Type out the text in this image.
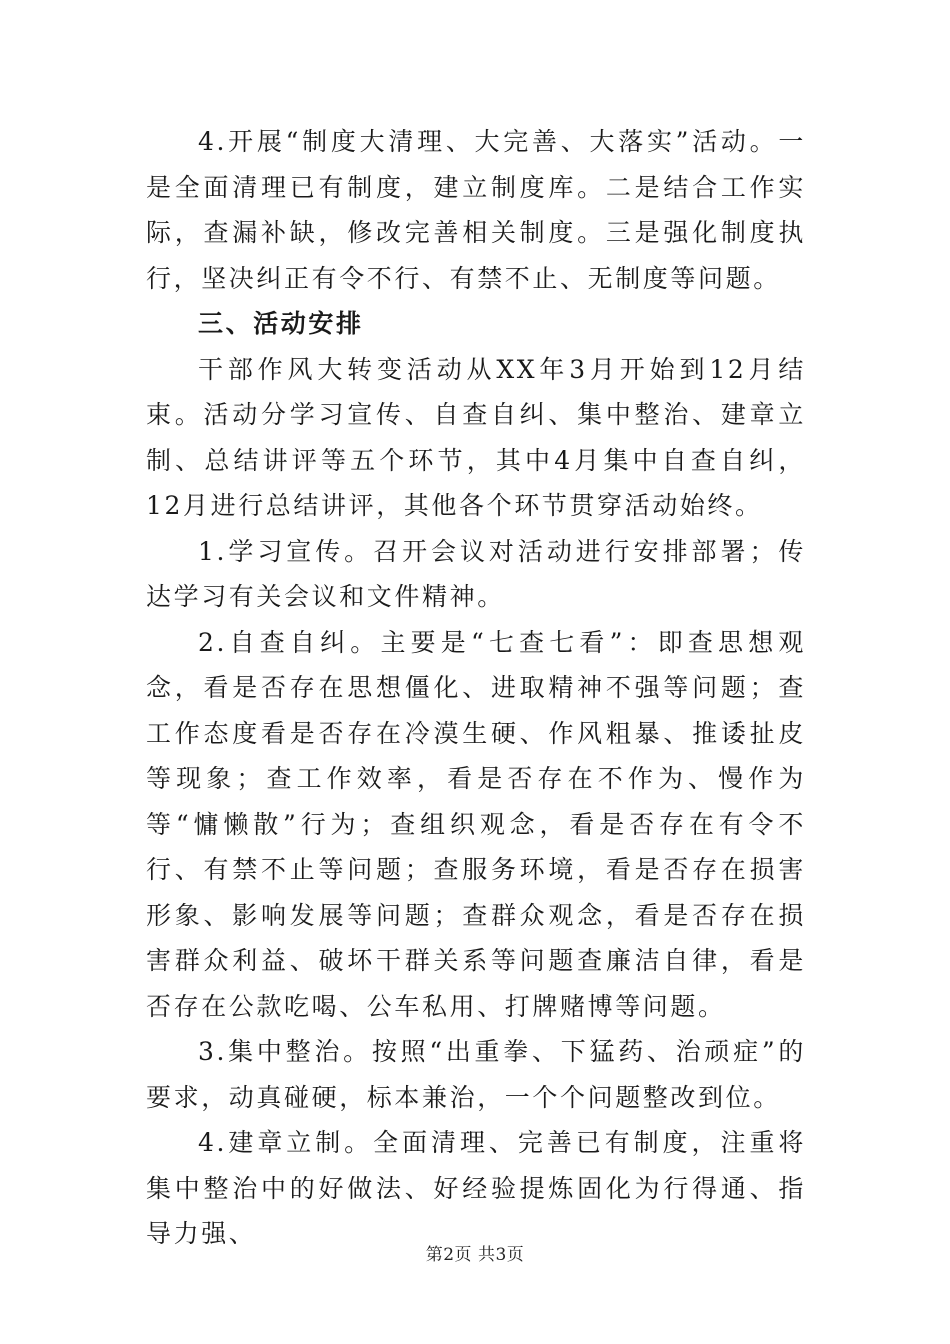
4.开展“制度大清理、大完善、大落实”活动。一是全面清理已有制度，建立制度库。二是结合工作实际，查漏补缺，修改完善相关制度。三是强化制度执行，坚决纠正有令不行、有禁不止、无制度等问题。

三、活动安排

干部作风大转变活动从XX年3月开始到12月结束。活动分学习宣传、自查自纠、集中整治、建章立制、总结讲评等五个环节，其中4月集中自查自纠，12月进行总结讲评，其他各个环节贯穿活动始终。

1.学习宣传。召开会议对活动进行安排部署；传达学习有关会议和文件精神。

2.自查自纠。主要是“七查七看”：即查思想观念，看是否存在思想僵化、进取精神不强等问题；查工作态度看是否存在冷漠生硬、作风粗暴、推诿扯皮等现象；查工作效率，看是否存在不作为、慢作为等“慵懒散”行为；查组织观念，看是否存在有令不行、有禁不止等问题；查服务环境，看是否存在损害形象、影响发展等问题；查群众观念，看是否存在损害群众利益、破坏干群关系等问题查廉洁自律，看是否存在公款吃喝、公车私用、打牌赌博等问题。

3.集中整治。按照“出重拳、下猛药、治顽症”的要求，动真碰硬，标本兼治，一个个问题整改到位。

4.建章立制。全面清理、完善已有制度，注重将集中整治中的好做法、好经验提炼固化为行得通、指导力强、

第2页 共3页
